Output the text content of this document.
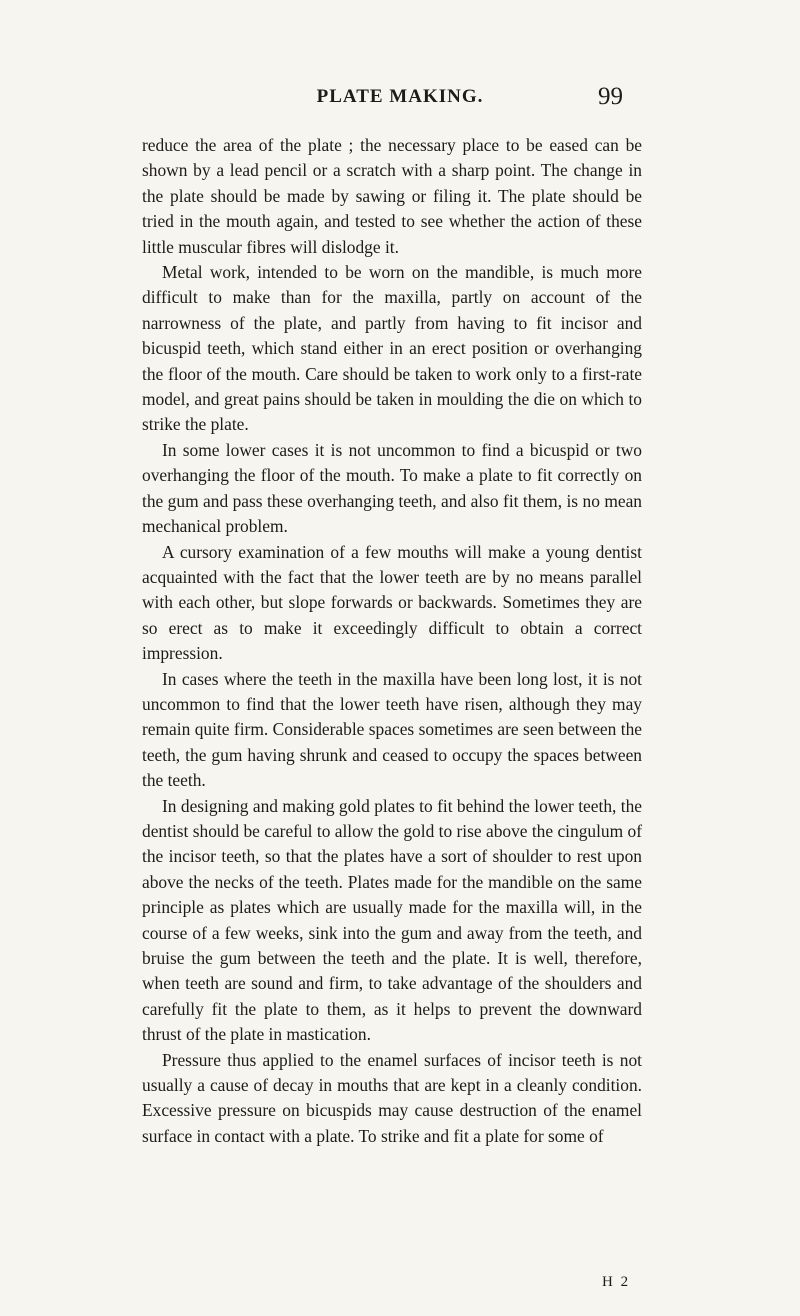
PLATE MAKING.	99

reduce the area of the plate ; the necessary place to be eased can be shown by a lead pencil or a scratch with a sharp point. The change in the plate should be made by sawing or filing it. The plate should be tried in the mouth again, and tested to see whether the action of these little muscular fibres will dislodge it.

Metal work, intended to be worn on the mandible, is much more difficult to make than for the maxilla, partly on account of the narrowness of the plate, and partly from having to fit incisor and bicuspid teeth, which stand either in an erect position or overhanging the floor of the mouth. Care should be taken to work only to a first-rate model, and great pains should be taken in moulding the die on which to strike the plate.

In some lower cases it is not uncommon to find a bicuspid or two overhanging the floor of the mouth. To make a plate to fit correctly on the gum and pass these overhanging teeth, and also fit them, is no mean mechanical problem.

A cursory examination of a few mouths will make a young dentist acquainted with the fact that the lower teeth are by no means parallel with each other, but slope forwards or backwards. Sometimes they are so erect as to make it exceedingly difficult to obtain a correct impression.

In cases where the teeth in the maxilla have been long lost, it is not uncommon to find that the lower teeth have risen, although they may remain quite firm. Considerable spaces sometimes are seen between the teeth, the gum having shrunk and ceased to occupy the spaces between the teeth.

In designing and making gold plates to fit behind the lower teeth, the dentist should be careful to allow the gold to rise above the cingulum of the incisor teeth, so that the plates have a sort of shoulder to rest upon above the necks of the teeth. Plates made for the mandible on the same principle as plates which are usually made for the maxilla will, in the course of a few weeks, sink into the gum and away from the teeth, and bruise the gum between the teeth and the plate. It is well, therefore, when teeth are sound and firm, to take advantage of the shoulders and carefully fit the plate to them, as it helps to prevent the downward thrust of the plate in mastication.

Pressure thus applied to the enamel surfaces of incisor teeth is not usually a cause of decay in mouths that are kept in a cleanly condition. Excessive pressure on bicuspids may cause destruction of the enamel surface in contact with a plate. To strike and fit a plate for some of

H 2
